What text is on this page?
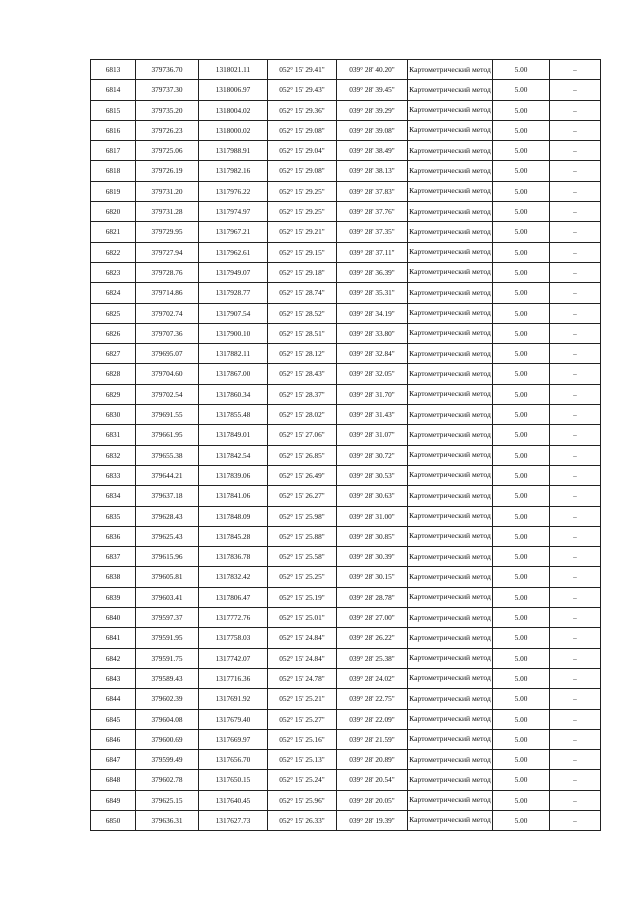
6813	379736.70	1318021.11	052° 15' 29.41"	039° 28' 40.20"	Картометрический метод	5.00	–
6814	379737.30	1318006.97	052° 15' 29.43"	039° 28' 39.45"	Картометрический метод	5.00	–
6815	379735.20	1318004.02	052° 15' 29.36"	039° 28' 39.29"	Картометрический метод	5.00	–
6816	379726.23	1318000.02	052° 15' 29.08"	039° 28' 39.08"	Картометрический метод	5.00	–
6817	379725.06	1317988.91	052° 15' 29.04"	039° 28' 38.49"	Картометрический метод	5.00	–
6818	379726.19	1317982.16	052° 15' 29.08"	039° 28' 38.13"	Картометрический метод	5.00	–
6819	379731.20	1317976.22	052° 15' 29.25"	039° 28' 37.83"	Картометрический метод	5.00	–
6820	379731.28	1317974.97	052° 15' 29.25"	039° 28' 37.76"	Картометрический метод	5.00	–
6821	379729.95	1317967.21	052° 15' 29.21"	039° 28' 37.35"	Картометрический метод	5.00	–
6822	379727.94	1317962.61	052° 15' 29.15"	039° 28' 37.11"	Картометрический метод	5.00	–
6823	379728.76	1317949.07	052° 15' 29.18"	039° 28' 36.39"	Картометрический метод	5.00	–
6824	379714.86	1317928.77	052° 15' 28.74"	039° 28' 35.31"	Картометрический метод	5.00	–
6825	379702.74	1317907.54	052° 15' 28.52"	039° 28' 34.19"	Картометрический метод	5.00	–
6826	379707.36	1317900.10	052° 15' 28.51"	039° 28' 33.80"	Картометрический метод	5.00	–
6827	379695.07	1317882.11	052° 15' 28.12"	039° 28' 32.84"	Картометрический метод	5.00	–
6828	379704.60	1317867.00	052° 15' 28.43"	039° 28' 32.05"	Картометрический метод	5.00	–
6829	379702.54	1317860.34	052° 15' 28.37"	039° 28' 31.70"	Картометрический метод	5.00	–
6830	379691.55	1317855.48	052° 15' 28.02"	039° 28' 31.43"	Картометрический метод	5.00	–
6831	379661.95	1317849.01	052° 15' 27.06"	039° 28' 31.07"	Картометрический метод	5.00	–
6832	379655.38	1317842.54	052° 15' 26.85"	039° 28' 30.72"	Картометрический метод	5.00	–
6833	379644.21	1317839.06	052° 15' 26.49"	039° 28' 30.53"	Картометрический метод	5.00	–
6834	379637.18	1317841.06	052° 15' 26.27"	039° 28' 30.63"	Картометрический метод	5.00	–
6835	379628.43	1317848.09	052° 15' 25.98"	039° 28' 31.00"	Картометрический метод	5.00	–
6836	379625.43	1317845.28	052° 15' 25.88"	039° 28' 30.85"	Картометрический метод	5.00	–
6837	379615.96	1317836.78	052° 15' 25.58"	039° 28' 30.39"	Картометрический метод	5.00	–
6838	379605.81	1317832.42	052° 15' 25.25"	039° 28' 30.15"	Картометрический метод	5.00	–
6839	379603.41	1317806.47	052° 15' 25.19"	039° 28' 28.78"	Картометрический метод	5.00	–
6840	379597.37	1317772.76	052° 15' 25.01"	039° 28' 27.00"	Картометрический метод	5.00	–
6841	379591.95	1317758.03	052° 15' 24.84"	039° 28' 26.22"	Картометрический метод	5.00	–
6842	379591.75	1317742.07	052° 15' 24.84"	039° 28' 25.38"	Картометрический метод	5.00	–
6843	379589.43	1317716.36	052° 15' 24.78"	039° 28' 24.02"	Картометрический метод	5.00	–
6844	379602.39	1317691.92	052° 15' 25.21"	039° 28' 22.75"	Картометрический метод	5.00	–
6845	379604.08	1317679.40	052° 15' 25.27"	039° 28' 22.09"	Картометрический метод	5.00	–
6846	379600.69	1317669.97	052° 15' 25.16"	039° 28' 21.59"	Картометрический метод	5.00	–
6847	379599.49	1317656.70	052° 15' 25.13"	039° 28' 20.89"	Картометрический метод	5.00	–
6848	379602.78	1317650.15	052° 15' 25.24"	039° 28' 20.54"	Картометрический метод	5.00	–
6849	379625.15	1317640.45	052° 15' 25.96"	039° 28' 20.05"	Картометрический метод	5.00	–
6850	379636.31	1317627.73	052° 15' 26.33"	039° 28' 19.39"	Картометрический метод	5.00	–
